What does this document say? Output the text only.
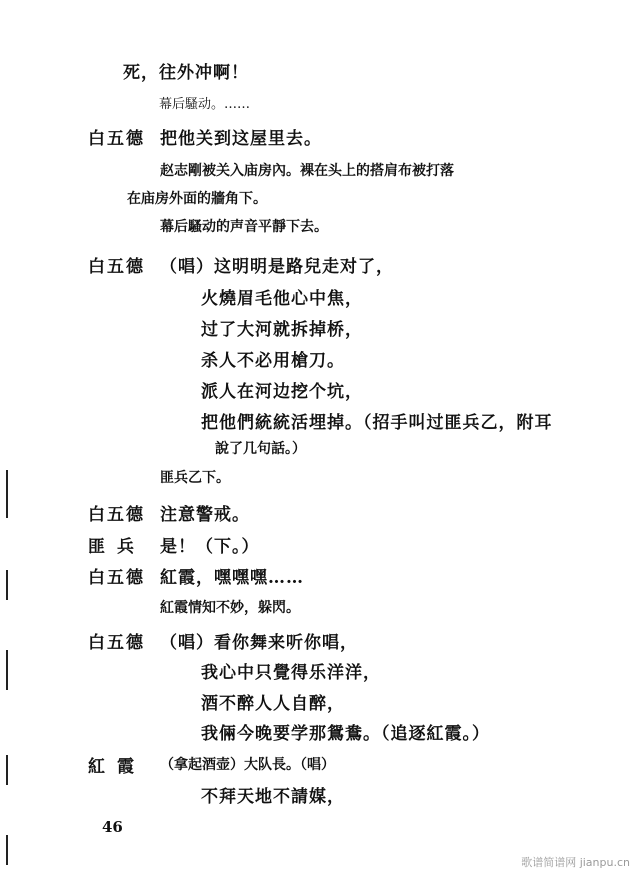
死，往外冲啊！
幕后騷动。……
白五德 把他关到这屋里去。
赵志剛被关入庙房內。裸在头上的搭肩布被打落
在庙房外面的牆角下。
幕后騷动的声音平靜下去。
白五德 （唱）这明明是路兒走对了，
火燒眉毛他心中焦，
过了大河就拆掉桥，
杀人不必用槍刀。
派人在河边挖个坑，
把他們統統活埋掉。（招手叫过匪兵乙，附耳
說了几句話。）
匪兵乙下。
白五德 注意警戒。
匪兵 是！（下。）
白五德 紅霞，嘿嘿嘿……
紅霞情知不妙，躲閃。
白五德 （唱）看你舞来听你唱，
我心中只覺得乐洋洋，
酒不醉人人自醉，
我倆今晚要学那鴛鴦。（追逐紅霞。）
紅霞 （拿起酒壶）大队長。（唱）
不拜天地不請媒，
46
歌谱简谱网 jianpu.cn
